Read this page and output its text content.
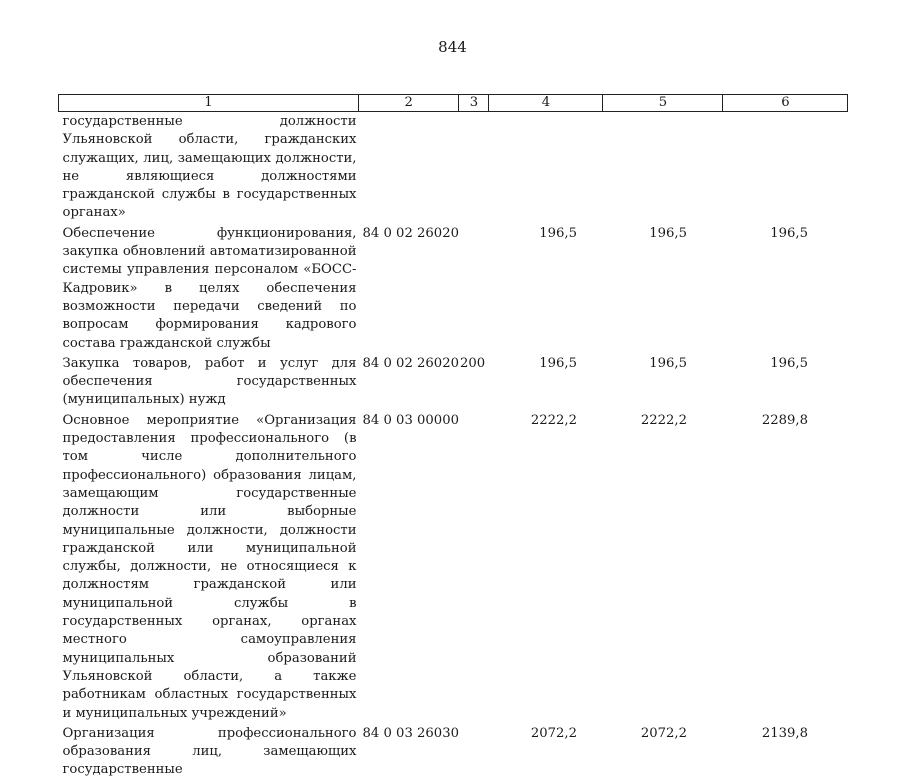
844
1	2	3	4	5	6
государственные должности Ульяновской области, гражданских служащих, лиц, замещающих должности, не являющиеся должностями гражданской службы в государственных органах»					
Обеспечение функционирования, закупка обновлений автоматизированной системы управления персоналом «БОСС-Кадровик» в целях обеспечения возможности передачи сведений по вопросам формирования кадрового состава гражданской службы	84 0 02 26020		196,5	196,5	196,5
Закупка товаров, работ и услуг для обеспечения государственных (муниципальных) нужд	84 0 02 26020	200	196,5	196,5	196,5
Основное мероприятие «Организация предоставления профессионального (в том числе дополнительного профессионального) образования лицам, замещающим государственные должности или выборные муниципальные должности, должности гражданской или муниципальной службы, должности, не относящиеся к должностям гражданской или муниципальной службы в государственных органах, органах местного самоуправления муниципальных образований Ульяновской области, а также работникам областных государственных и муниципальных учреждений»	84 0 03 00000		2222,2	2222,2	2289,8
Организация профессионального образования лиц, замещающих государственные	84 0 03 26030		2072,2	2072,2	2139,8
